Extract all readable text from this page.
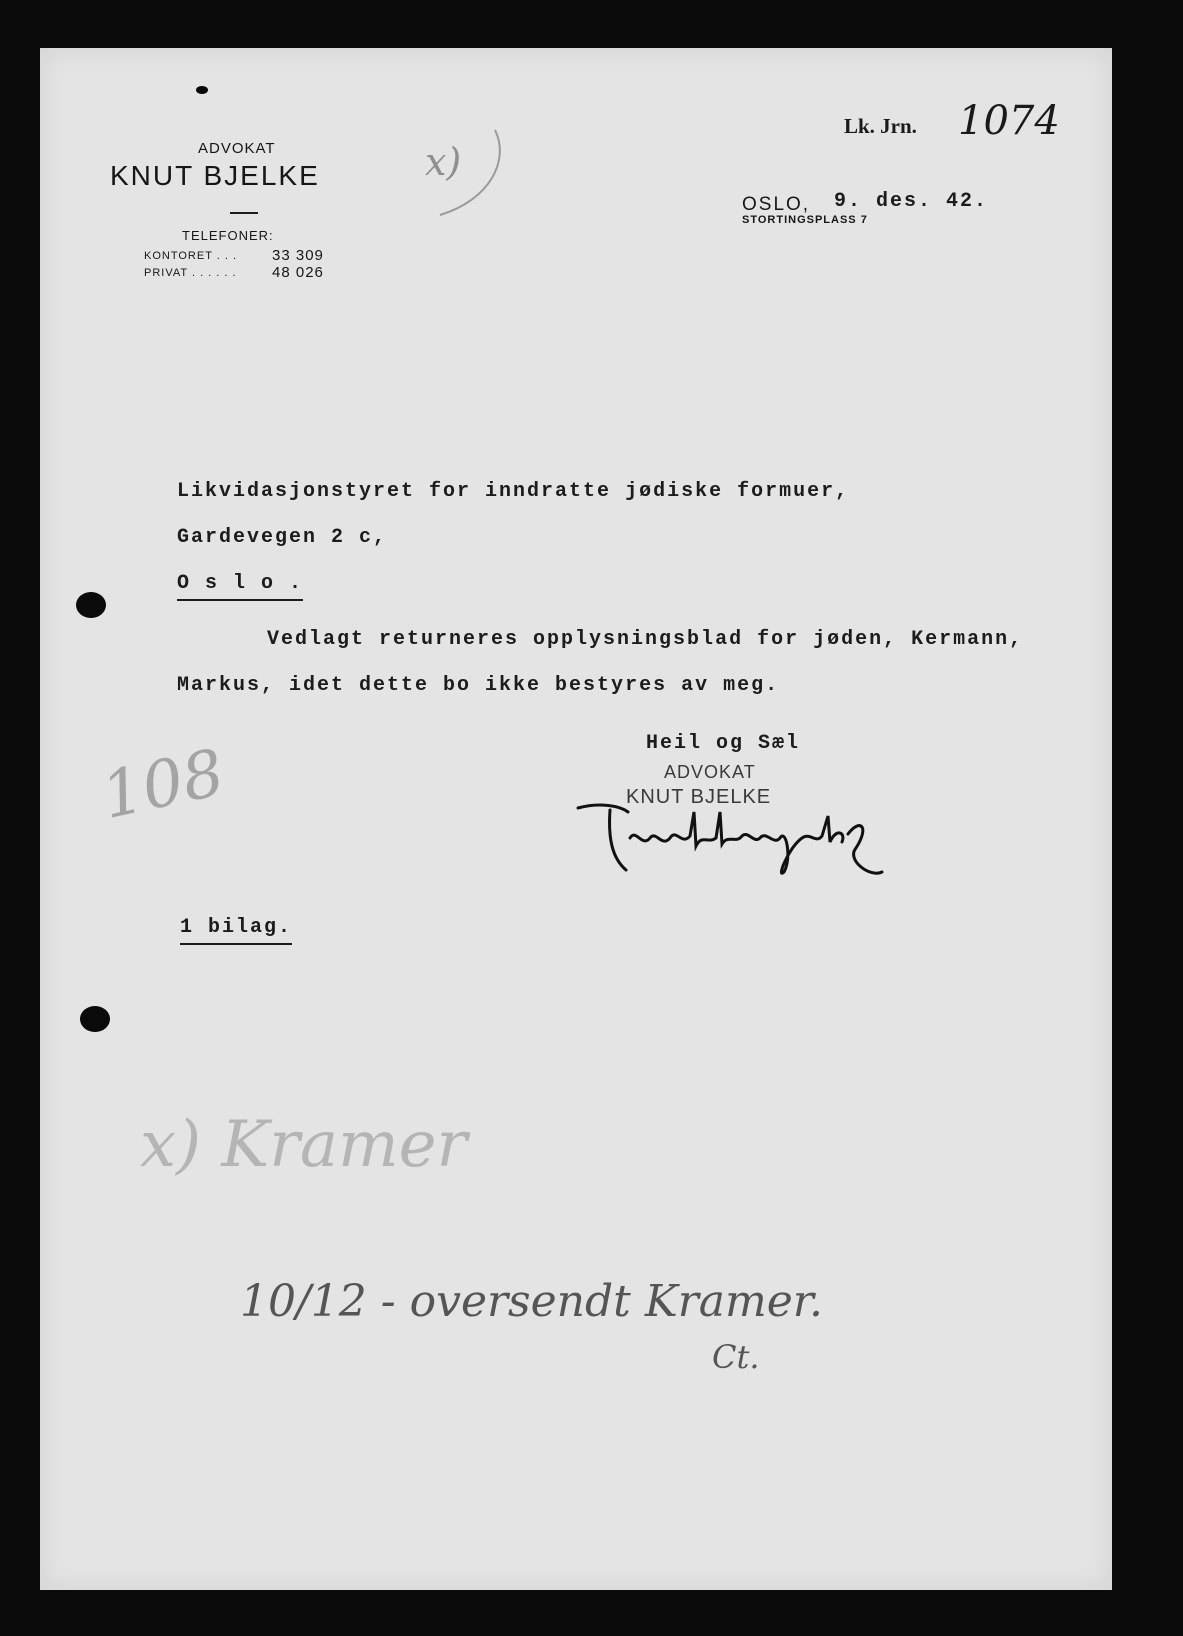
ADVOKAT
KNUT BJELKE
TELEFONER:
KONTORET . . . 33 309
PRIVAT . . . . . . 48 026
x)
Lk. Jrn. 1074
OSLO, 9. des. 42.
STORTINGSPLASS 7
Likvidasjonstyret for inndratte jødiske formuer,
Gardevegen 2 c,
O s l o .
Vedlagt returneres opplysningsblad for jøden, Kermann,
Markus, idet dette bo ikke bestyres av meg.
Heil og Sæl
ADVOKAT
KNUT BJELKE
108
1 bilag.
x) Kramer
10/12 - oversendt Kramer.
Ct.
